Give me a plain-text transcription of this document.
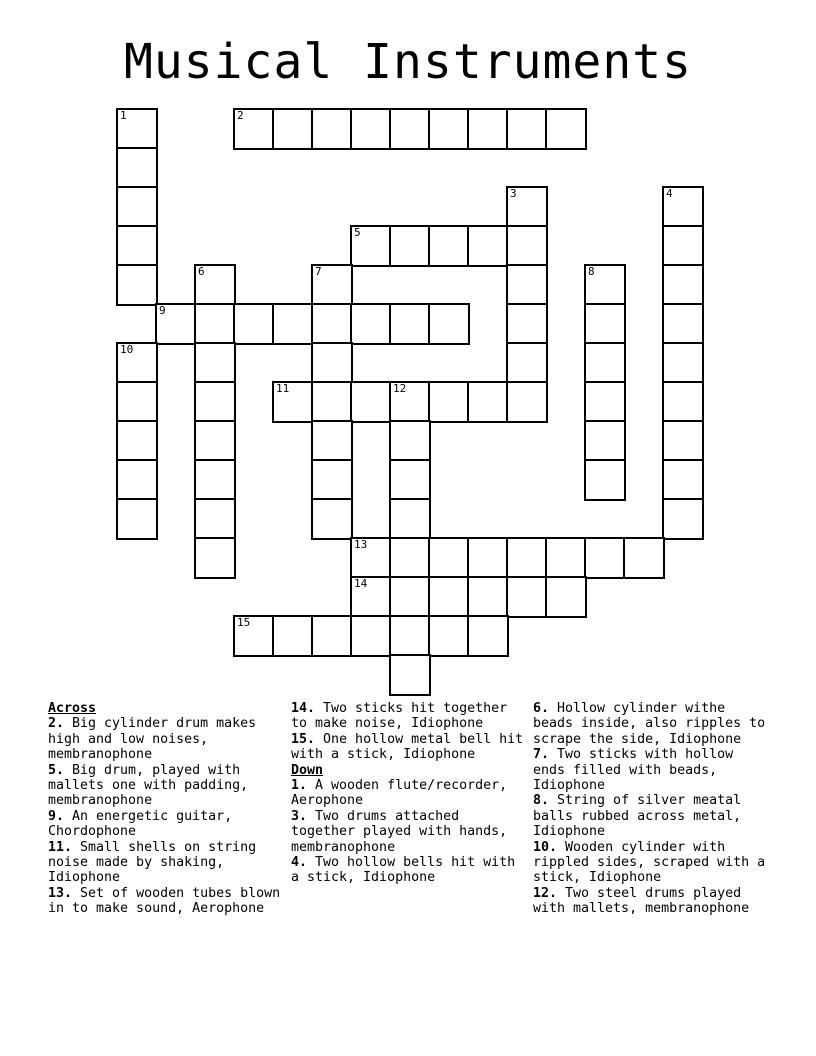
Musical Instruments
1	2
3	4
5
6	7	8
9
10
11	12
13
14
15
Across
2. Big cylinder drum makes high and low noises, membranophone
5. Big drum, played with mallets one with padding, membranophone
9. An energetic guitar, Chordophone
11. Small shells on string noise made by shaking, Idiophone
13. Set of wooden tubes blown in to make sound, Aerophone
14. Two sticks hit together to make noise, Idiophone
15. One hollow metal bell hit with a stick, Idiophone
Down
1. A wooden flute/recorder, Aerophone
3. Two drums attached together played with hands, membranophone
4. Two hollow bells hit with a stick, Idiophone
6. Hollow cylinder withe beads inside, also ripples to scrape the side, Idiophone
7. Two sticks with hollow ends filled with beads, Idiophone
8. String of silver meatal balls rubbed across metal, Idiophone
10. Wooden cylinder with rippled sides, scraped with a stick, Idiophone
12. Two steel drums played with mallets, membranophone
